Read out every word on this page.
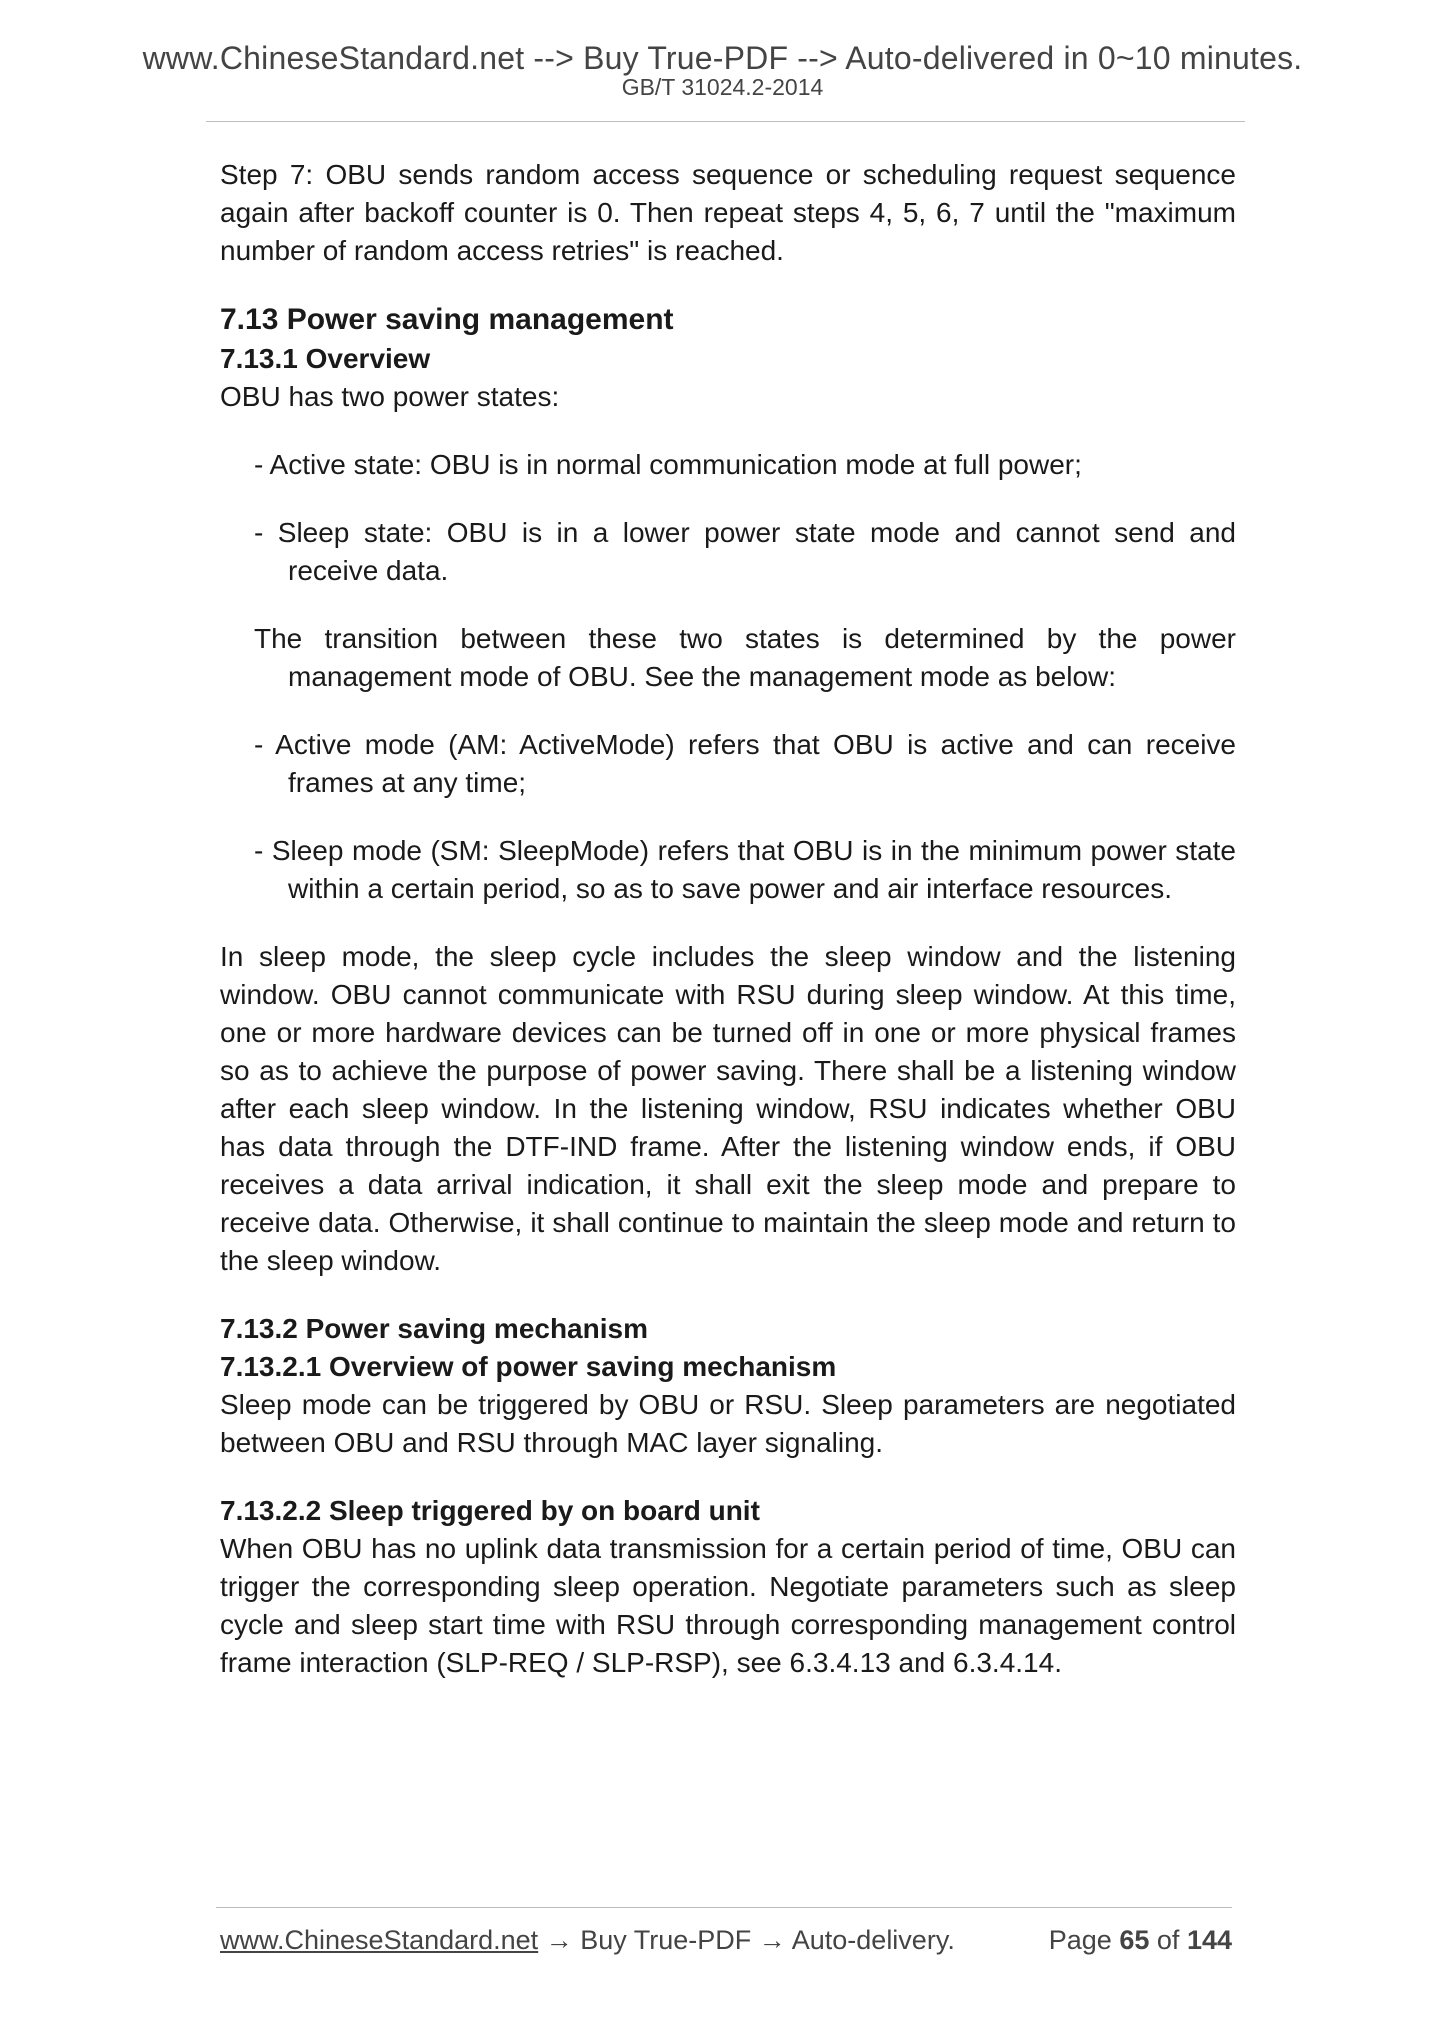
www.ChineseStandard.net --> Buy True-PDF --> Auto-delivered in 0~10 minutes.
GB/T 31024.2-2014

Step 7: OBU sends random access sequence or scheduling request sequence again after backoff counter is 0. Then repeat steps 4, 5, 6, 7 until the "maximum number of random access retries" is reached.

7.13 Power saving management

7.13.1 Overview

OBU has two power states:

- Active state: OBU is in normal communication mode at full power;

- Sleep state: OBU is in a lower power state mode and cannot send and receive data.

The transition between these two states is determined by the power management mode of OBU. See the management mode as below:

- Active mode (AM: ActiveMode) refers that OBU is active and can receive frames at any time;

- Sleep mode (SM: SleepMode) refers that OBU is in the minimum power state within a certain period, so as to save power and air interface resources.

In sleep mode, the sleep cycle includes the sleep window and the listening window. OBU cannot communicate with RSU during sleep window. At this time, one or more hardware devices can be turned off in one or more physical frames so as to achieve the purpose of power saving. There shall be a listening window after each sleep window. In the listening window, RSU indicates whether OBU has data through the DTF-IND frame. After the listening window ends, if OBU receives a data arrival indication, it shall exit the sleep mode and prepare to receive data. Otherwise, it shall continue to maintain the sleep mode and return to the sleep window.

7.13.2 Power saving mechanism

7.13.2.1 Overview of power saving mechanism

Sleep mode can be triggered by OBU or RSU. Sleep parameters are negotiated between OBU and RSU through MAC layer signaling.

7.13.2.2 Sleep triggered by on board unit

When OBU has no uplink data transmission for a certain period of time, OBU can trigger the corresponding sleep operation. Negotiate parameters such as sleep cycle and sleep start time with RSU through corresponding management control frame interaction (SLP-REQ / SLP-RSP), see 6.3.4.13 and 6.3.4.14.

www.ChineseStandard.net → Buy True-PDF → Auto-delivery.	Page 65 of 144
